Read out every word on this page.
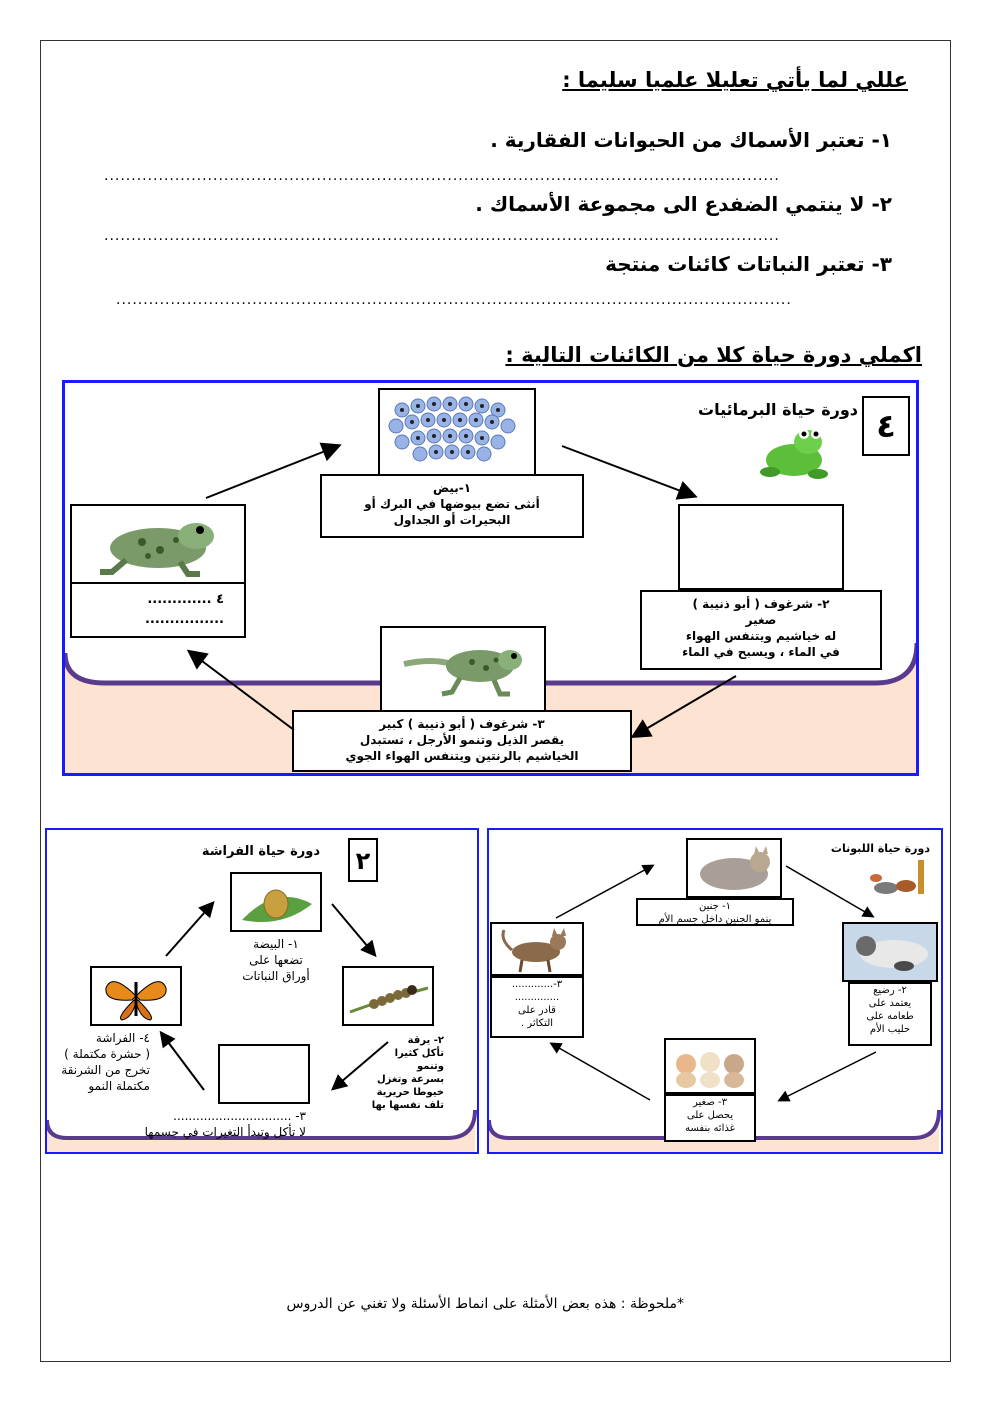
عللي لما يأتي تعليلا علميا سليما :
١- تعتبر الأسماك من الحيوانات الفقارية .
............................................................................................................................
٢- لا ينتمي الضفدع الى مجموعة الأسماك .
............................................................................................................................
٣- تعتبر النباتات كائنات منتجة
............................................................................................................................
اكملي دورة حياة كلا من الكائنات التالية :
٤
دورة حياة البرمائيات
١-بيض
أنثى تضع بيوضها في البرك أو
البحيرات أو الجداول
٢- شرغوف ( أبو ذنيبة )
صغير
له خياشيم ويتنفس الهواء
في الماء ، ويسبح في الماء
٣- شرغوف ( أبو ذنيبة ) كبير
يقصر الذيل وتنمو الأرجل ، تستبدل
الخياشيم بالرنتين ويتنفس الهواء الجوي
٤ .............
................
٢
دورة حياة الفراشة
١- البيضة
تضعها على
أوراق النباتات
٢- يرقة
تأكل كثيرا وتنمو
بسرعة وتغزل
خيوطا حريرية
تلف نفسها بها
٣- ...............................
لا تأكل وتبدأ التغيرات في جسمها
٤- الفراشة
( حشرة مكتملة )
تخرج من الشرنقة
مكتملة النمو
دورة حياة اللبونات
١- جنين
ينمو الجنين داخل جسم الأم
٢- رضيع
يعتمد على
طعامه على
حليب الأم
٣- صغير
يحصل على
غذائه بنفسه
٣-.............
..............
قادر على
التكاثر .
*ملحوظة : هذه بعض الأمثلة على انماط الأسئلة ولا تغني عن الدروس
